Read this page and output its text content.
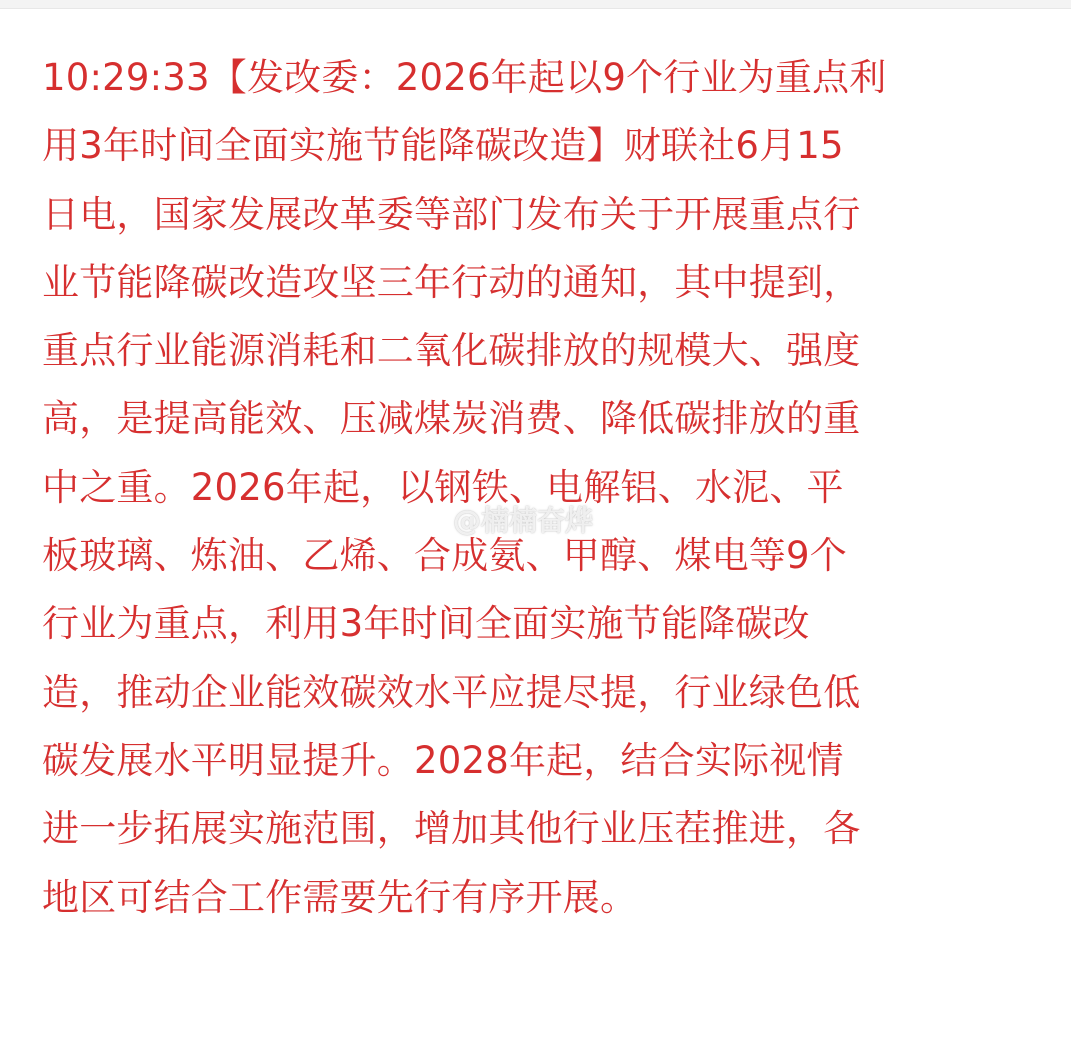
10:29:33【发改委：2026年起以9个行业为重点利
用3年时间全面实施节能降碳改造】财联社6月15
日电，国家发展改革委等部门发布关于开展重点行
业节能降碳改造攻坚三年行动的通知，其中提到，
重点行业能源消耗和二氧化碳排放的规模大、强度
高，是提高能效、压减煤炭消费、降低碳排放的重
中之重。2026年起，以钢铁、电解铝、水泥、平
板玻璃、炼油、乙烯、合成氨、甲醇、煤电等9个
行业为重点，利用3年时间全面实施节能降碳改
造，推动企业能效碳效水平应提尽提，行业绿色低
碳发展水平明显提升。2028年起，结合实际视情
进一步拓展实施范围，增加其他行业压茬推进，各
地区可结合工作需要先行有序开展。
@楠楠奋烨
